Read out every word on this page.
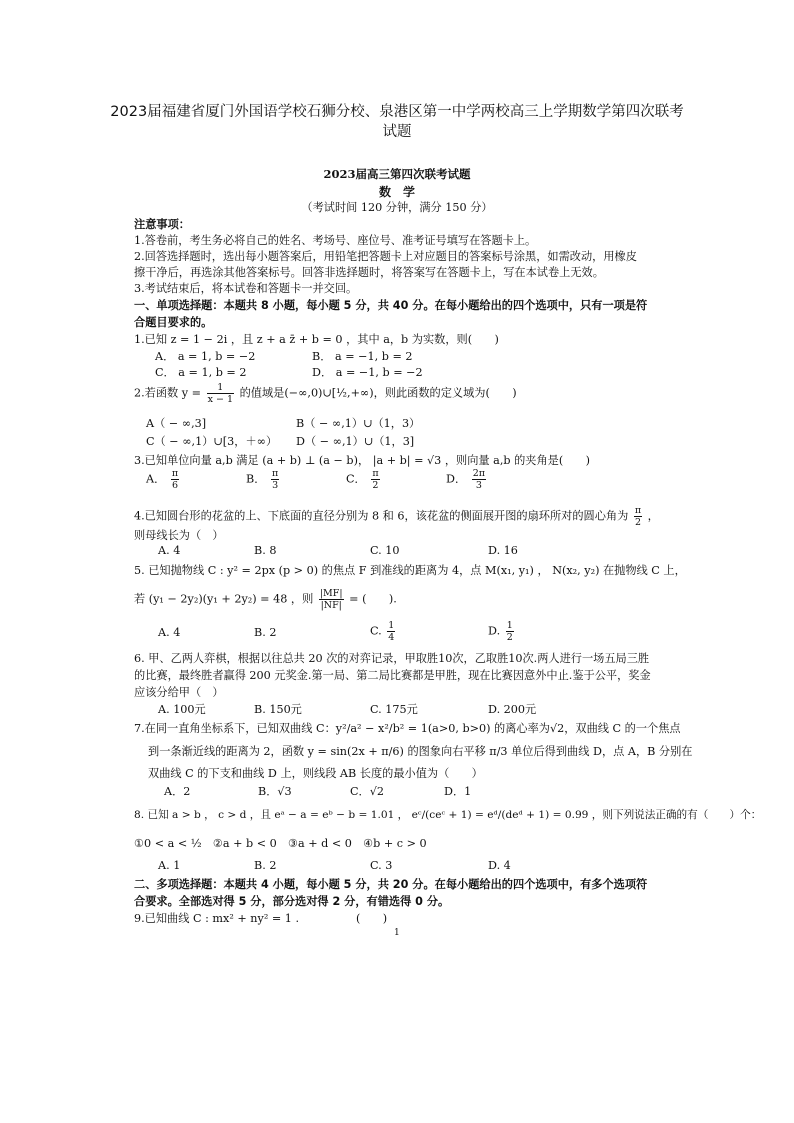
2023届福建省厦门外国语学校石狮分校、泉港区第一中学两校高三上学期数学第四次联考
试题
2023届高三第四次联考试题
数　学
（考试时间 120 分钟，满分 150 分）
注意事项：
1.答卷前，考生务必将自己的姓名、考场号、座位号、准考证号填写在答题卡上。
2.回答选择题时，选出每小题答案后，用铅笔把答题卡上对应题目的答案标号涂黑，如需改动，用橡皮
擦干净后，再选涂其他答案标号。回答非选择题时，将答案写在答题卡上，写在本试卷上无效。
3.考试结束后，将本试卷和答题卡一并交回。
一、单项选择题：本题共 8 小题，每小题 5 分，共 40 分。在每小题给出的四个选项中，只有一项是符
合题目要求的。
1.已知 z = 1 − 2i ，且 z + a z̄ + b = 0 ，其中 a，b 为实数，则(　　)
A． a = 1, b = −2	B． a = −1, b = 2
C． a = 1, b = 2	D． a = −1, b = −2
2.若函数 $y = \frac{1}{x - 1}$ 的值域是(−∞,0)∪[½,+∞)，则此函数的定义域为(　　)
A（ − ∞,3]	B（ − ∞,1）∪（1，3）
C（ − ∞,1）∪[3，＋∞） D（ − ∞,1）∪（1，3]
3.已知单位向量 a,b 满足 (a + b) ⊥ (a − b)， |a + b| = √3 ，则向量 a,b 的夹角是(　　)
A． $\frac{\pi}{6}$	B． $\frac{\pi}{3}$	C． $\frac{\pi}{2}$	D． $\frac{2\pi}{3}$
4.已知圆台形的花盆的上、下底面的直径分别为 8 和 6，该花盆的侧面展开图的扇环所对的圆心角为 $\frac{\pi}{2}$ ，
则母线长为（　）
A. 4	B. 8	C. 10	D. 16
5. 已知抛物线 C : y² = 2px (p > 0) 的焦点 F 到准线的距离为 4，点 M(x₁, y₁) ， N(x₂, y₂) 在抛物线 C 上，
若 (y₁ − 2y₂)(y₁ + 2y₂) = 48 ，则 $\frac{|MF|}{|NF|}$ = (　　).
A. 4	B. 2	C. $\frac{1}{4}$	D. $\frac{1}{2}$
6. 甲、乙两人弈棋，根据以往总共 20 次的对弈记录，甲取胜10次，乙取胜10次.两人进行一场五局三胜
的比赛，最终胜者赢得 200 元奖金.第一局、第二局比赛都是甲胜，现在比赛因意外中止.鉴于公平，奖金
应该分给甲（　）
A. 100元	B. 150元	C. 175元	D. 200元
7.在同一直角坐标系下，已知双曲线 C：y²/a² − x²/b² = 1(a>0, b>0) 的离心率为√2，双曲线 C 的一个焦点
到一条渐近线的距离为 2，函数 y = sin(2x + π/6) 的图象向右平移 π/3 单位后得到曲线 D，点 A，B 分别在
双曲线 C 的下支和曲线 D 上，则线段 AB 长度的最小值为（　　）
A．2	B．√3	C．√2	D．1
8. 已知 a > b ， c > d ，且 eᵃ − a = eᵇ − b = 1.01 ， eᶜ/(ceᶜ + 1) = eᵈ/(deᵈ + 1) = 0.99 ，则下列说法正确的有（　　）个：
①0 < a < ½　②a + b < 0　③a + d < 0　④b + c > 0
A. 1	B. 2	C. 3	D. 4
二、多项选择题：本题共 4 小题，每小题 5 分，共 20 分。在每小题给出的四个选项中，有多个选项符
合要求。全部选对得 5 分，部分选对得 2 分，有错选得 0 分。
9.已知曲线 C : mx² + ny² = 1 .	(　　)
1
